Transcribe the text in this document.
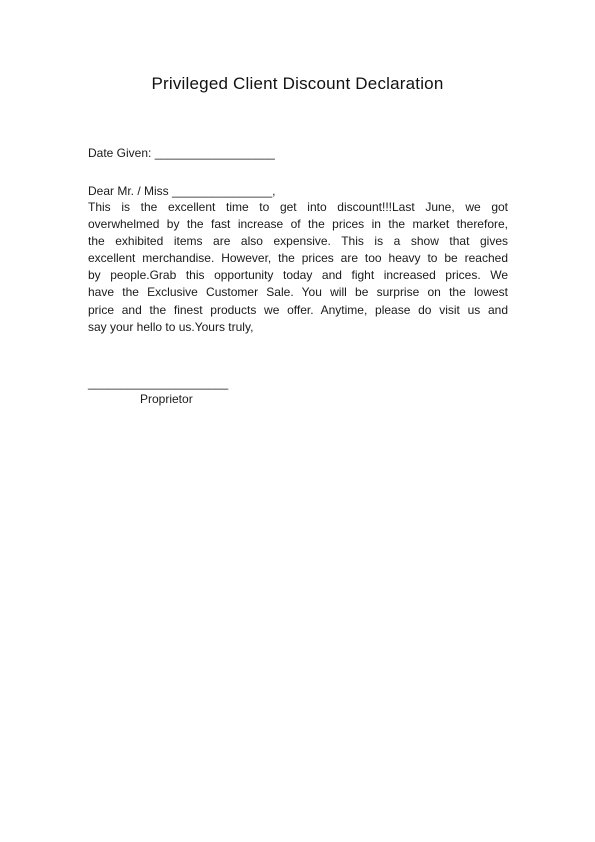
Privileged Client Discount Declaration
Date Given: __________________
Dear Mr. / Miss _______________,
This is the excellent time to get into discount!!!Last June, we got
overwhelmed by the fast increase of the prices in the market therefore,
the exhibited items are also expensive. This is a show that gives
excellent merchandise. However, the prices are too heavy to be reached
by people.Grab this opportunity today and fight increased prices. We
have the Exclusive Customer Sale. You will be surprise on the lowest
price and the finest products we offer. Anytime, please do visit us and
say your hello to us.Yours truly,
_____________________
Proprietor
